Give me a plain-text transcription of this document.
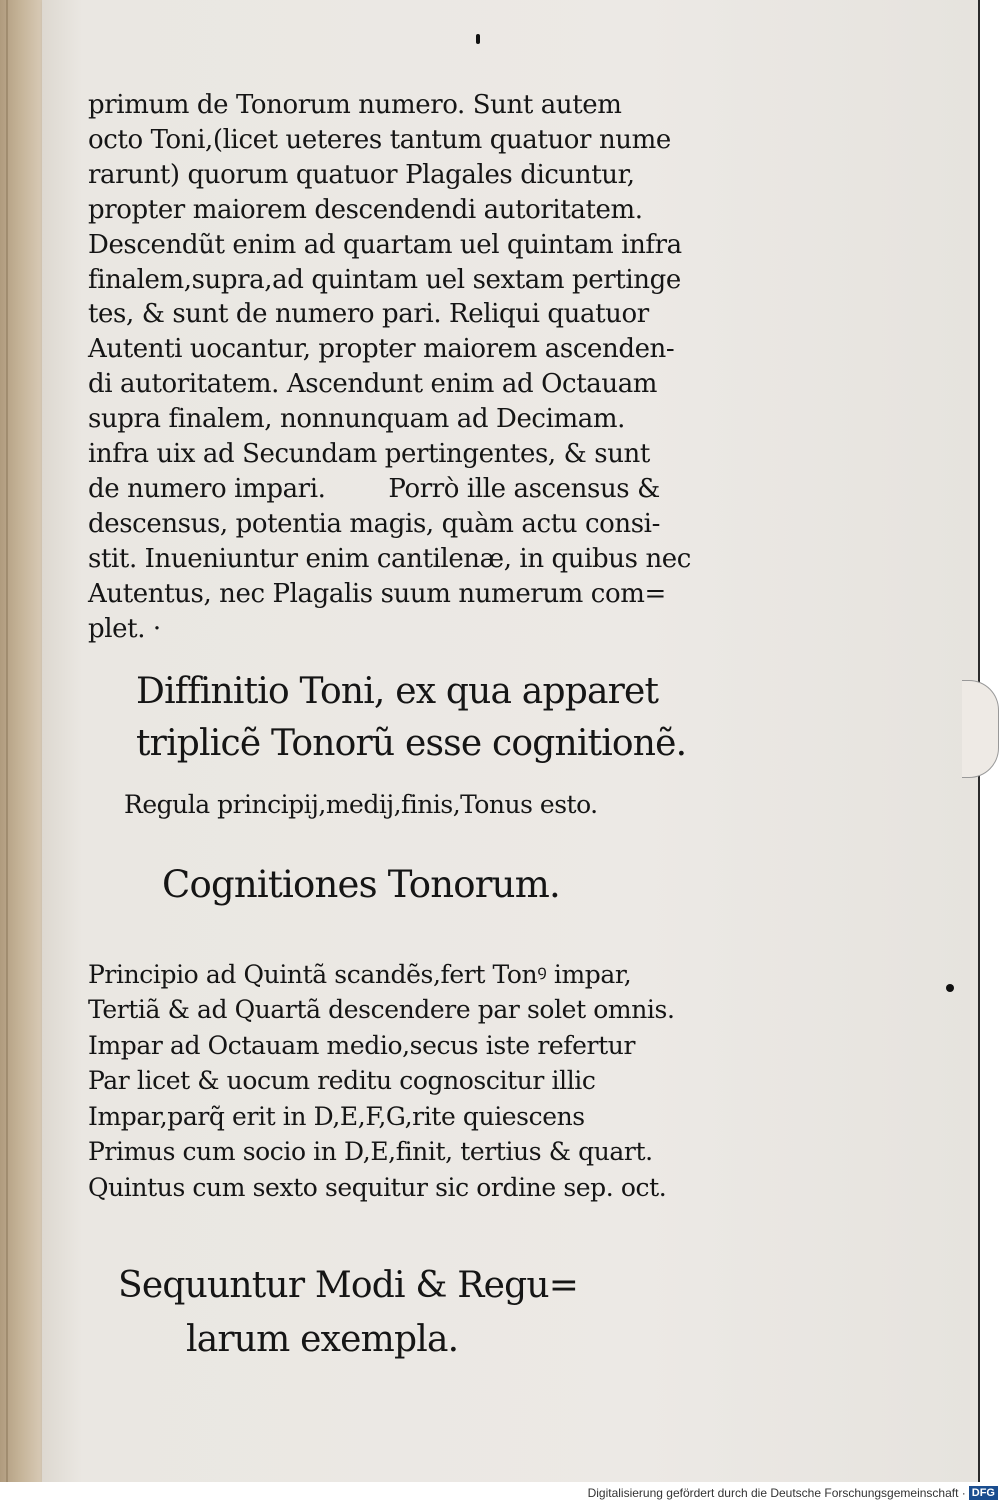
primum de Tonorum numero. Sunt autem
octo Toni,(licet ueteres tantum quatuor nume
rarunt) quorum quatuor Plagales dicuntur,
propter maiorem descendendi autoritatem.
Descendũt enim ad quartam uel quintam infra
finalem,supra,ad quintam uel sextam pertinge
tes, & sunt de numero pari. Reliqui quatuor
Autenti uocantur, propter maiorem ascenden-
di autoritatem. Ascendunt enim ad Octauam
supra finalem, nonnunquam ad Decimam.
infra uix ad Secundam pertingentes, & sunt
de numero impari.        Porrò ille ascensus &
descensus, potentia magis, quàm actu consi-
stit. Inueniuntur enim cantilenæ, in quibus nec
Autentus, nec Plagalis suum numerum com=
plet. ·
Diffinitio Toni, ex qua apparet
triplicẽ Tonorũ esse cognitionẽ.
Regula principij,medij,finis,Tonus esto.
Cognitiones Tonorum.
Principio ad Quintã scandẽs,fert Tonꝰ impar,
Tertiã & ad Quartã descendere par solet omnis.
Impar ad Octauam medio,secus iste refertur
Par licet & uocum reditu cognoscitur illic
Impar,parq̃ erit in D,E,F,G,rite quiescens
Primus cum socio in D,E,finit, tertius & quart.
Quintus cum sexto sequitur sic ordine sep. oct.
Sequuntur Modi & Regu=
larum exempla.
Digitalisierung gefördert durch die Deutsche Forschungsgemeinschaft · DFG
